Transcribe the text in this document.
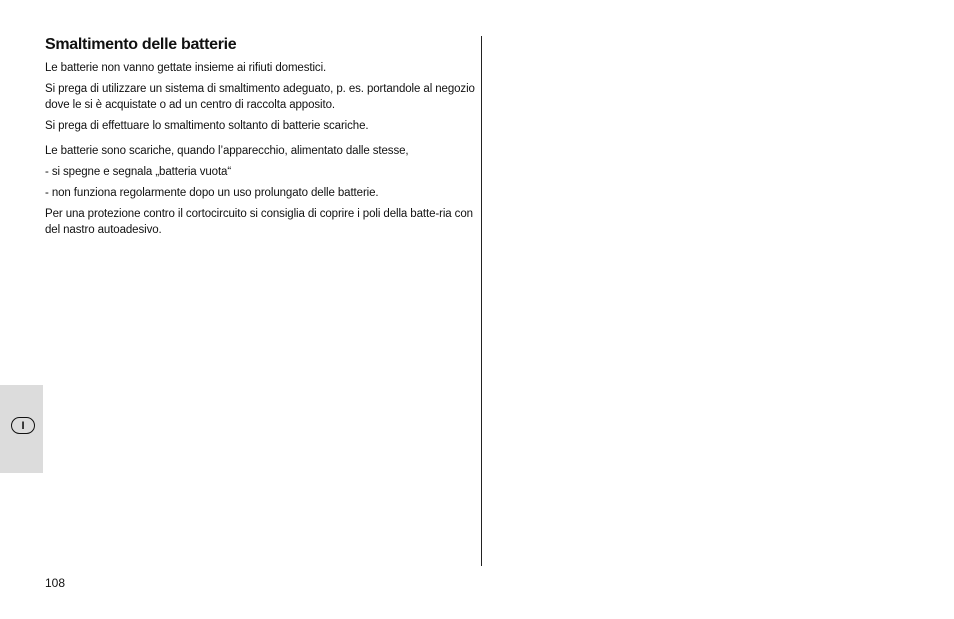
Smaltimento delle batterie

Le batterie non vanno gettate insieme ai rifiuti domestici.

Si prega di utilizzare un sistema di smaltimento adeguato, p. es. portandole al negozio dove le si è acquistate o ad un centro di raccolta apposito.

Si prega di effettuare lo smaltimento soltanto di batterie scariche.

Le batterie sono scariche, quando l’apparecchio, alimentato dalle stesse,

- si spegne e segnala „batteria vuota“

- non funziona regolarmente dopo un uso prolungato delle batterie.

Per una protezione contro il cortocircuito si consiglia di coprire i poli della batte-ria con del nastro autoadesivo.

I
108
